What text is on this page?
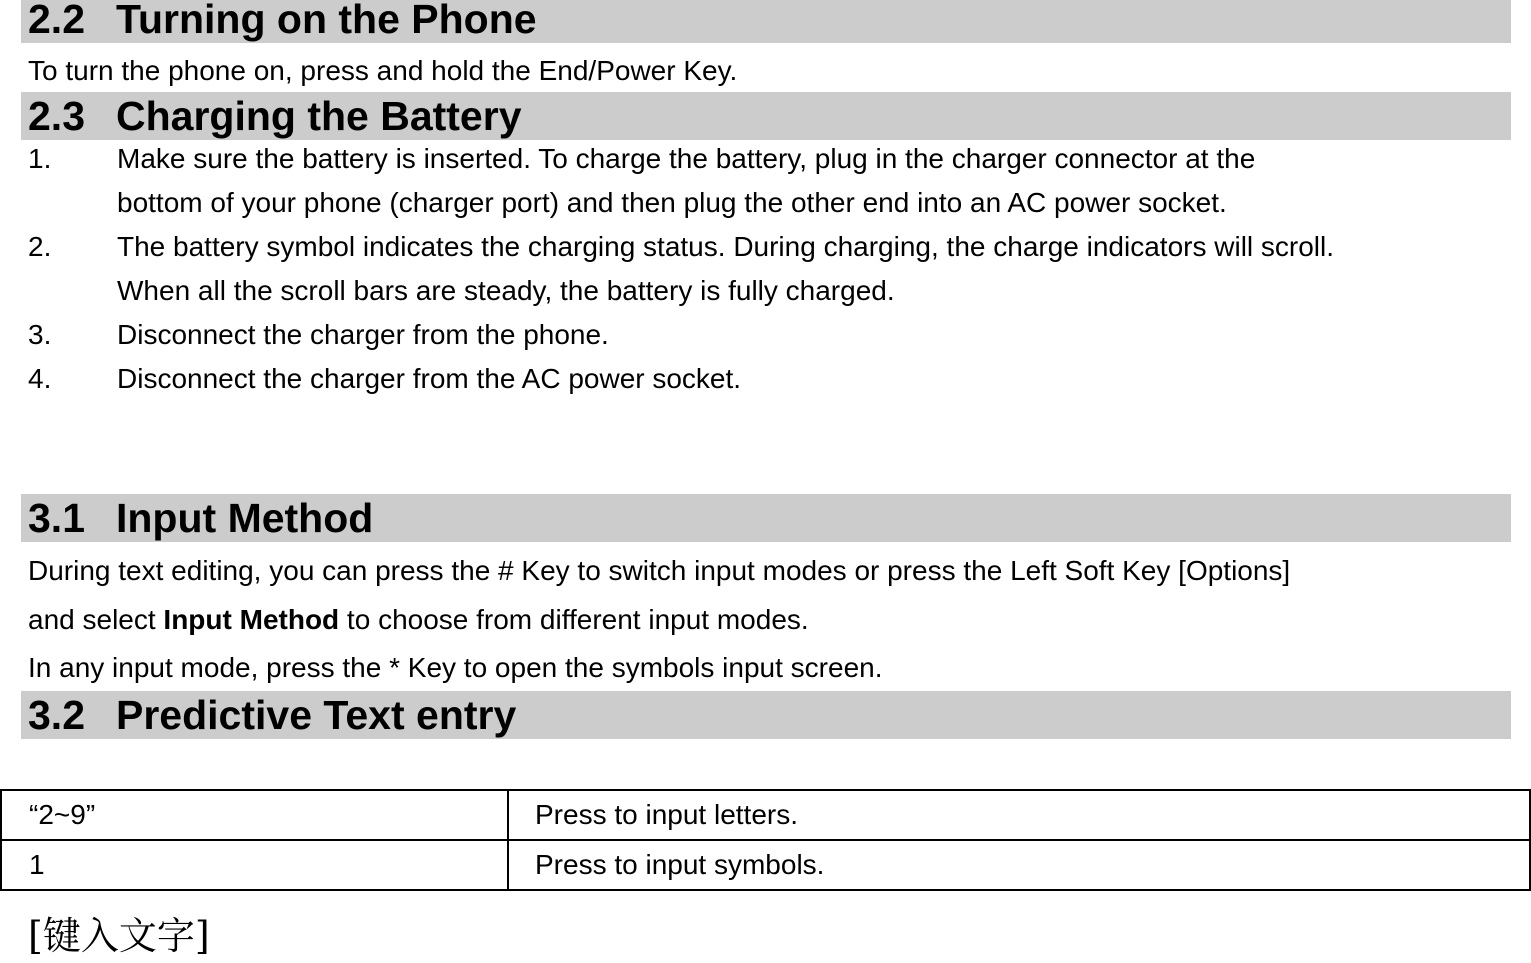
2.2 Turning on the Phone
To turn the phone on, press and hold the End/Power Key.
2.3 Charging the Battery
1. Make sure the battery is inserted. To charge the battery, plug in the charger connector at the
bottom of your phone (charger port) and then plug the other end into an AC power socket.
2. The battery symbol indicates the charging status. During charging, the charge indicators will scroll.
When all the scroll bars are steady, the battery is fully charged.
3. Disconnect the charger from the phone.
4. Disconnect the charger from the AC power socket.
3.1 Input Method
During text editing, you can press the # Key to switch input modes or press the Left Soft Key [Options]
and select Input Method to choose from different input modes.
In any input mode, press the * Key to open the symbols input screen.
3.2 Predictive Text entry
“2~9”	Press to input letters.
1	Press to input symbols.
[键入文字]
